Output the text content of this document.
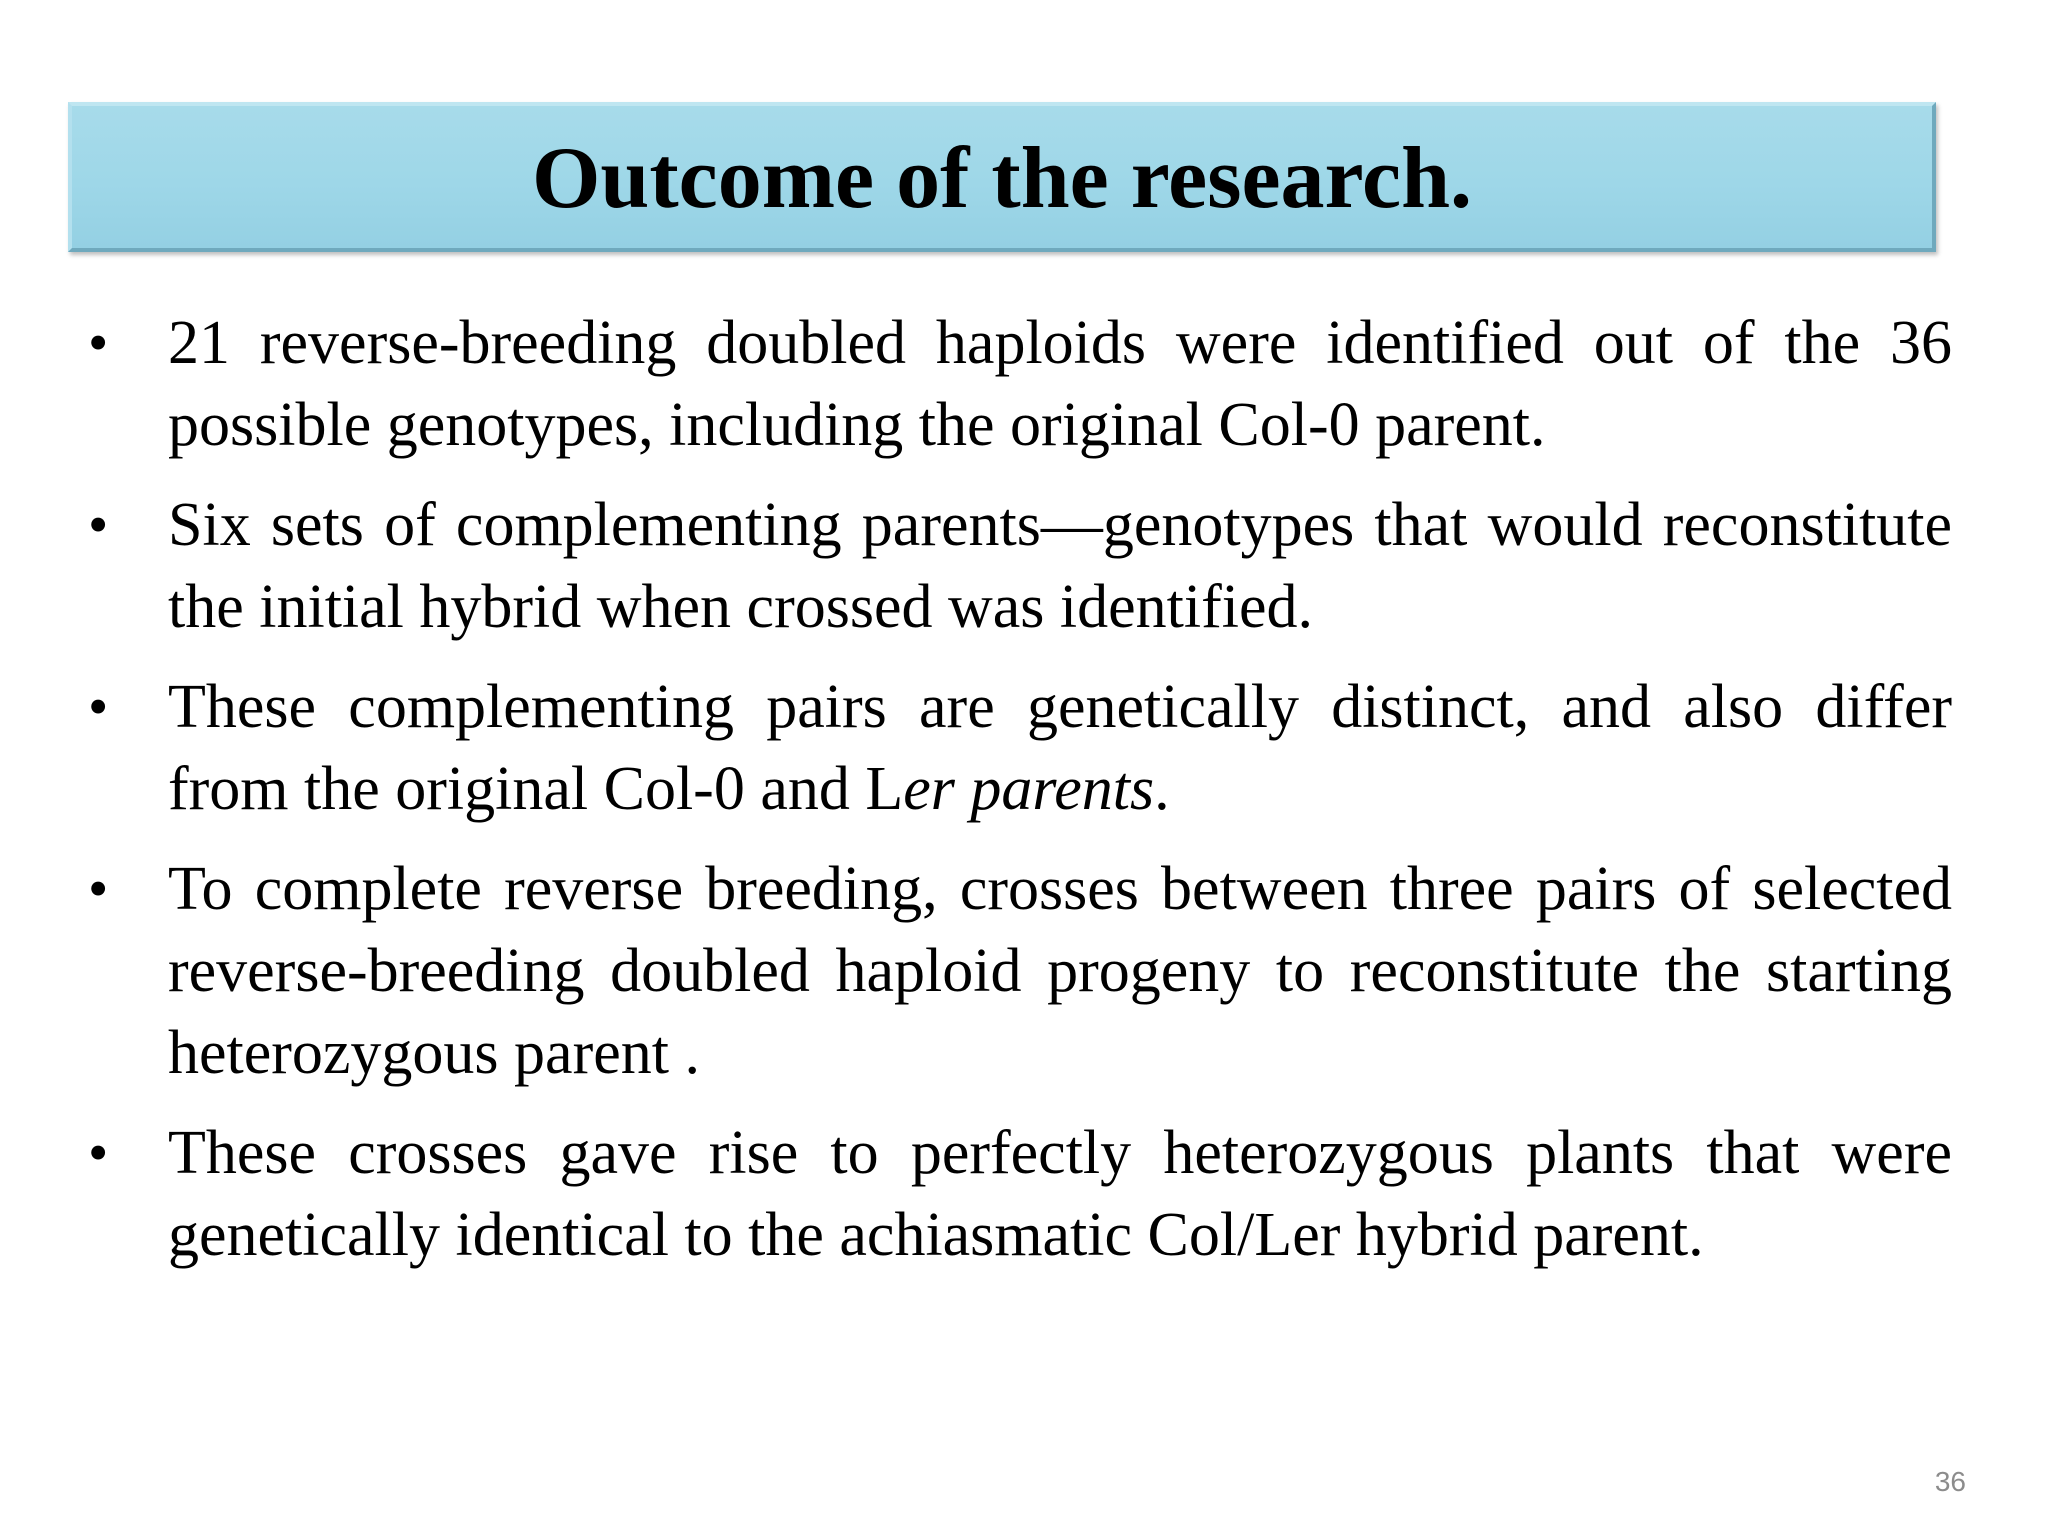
Outcome of the research.
• 21 reverse-breeding doubled haploids were identified out of the 36 possible genotypes, including the original Col-0 parent.

• Six sets of complementing parents—genotypes that would reconstitute the initial hybrid when crossed was identified.

• These complementing pairs are genetically distinct, and also differ from the original Col-0 and Ler parents.

• To complete reverse breeding, crosses between three pairs of selected reverse-breeding doubled haploid progeny to reconstitute the starting heterozygous parent .

• These crosses gave rise to perfectly heterozygous plants that were genetically identical to the achiasmatic Col/Ler hybrid parent.

36
